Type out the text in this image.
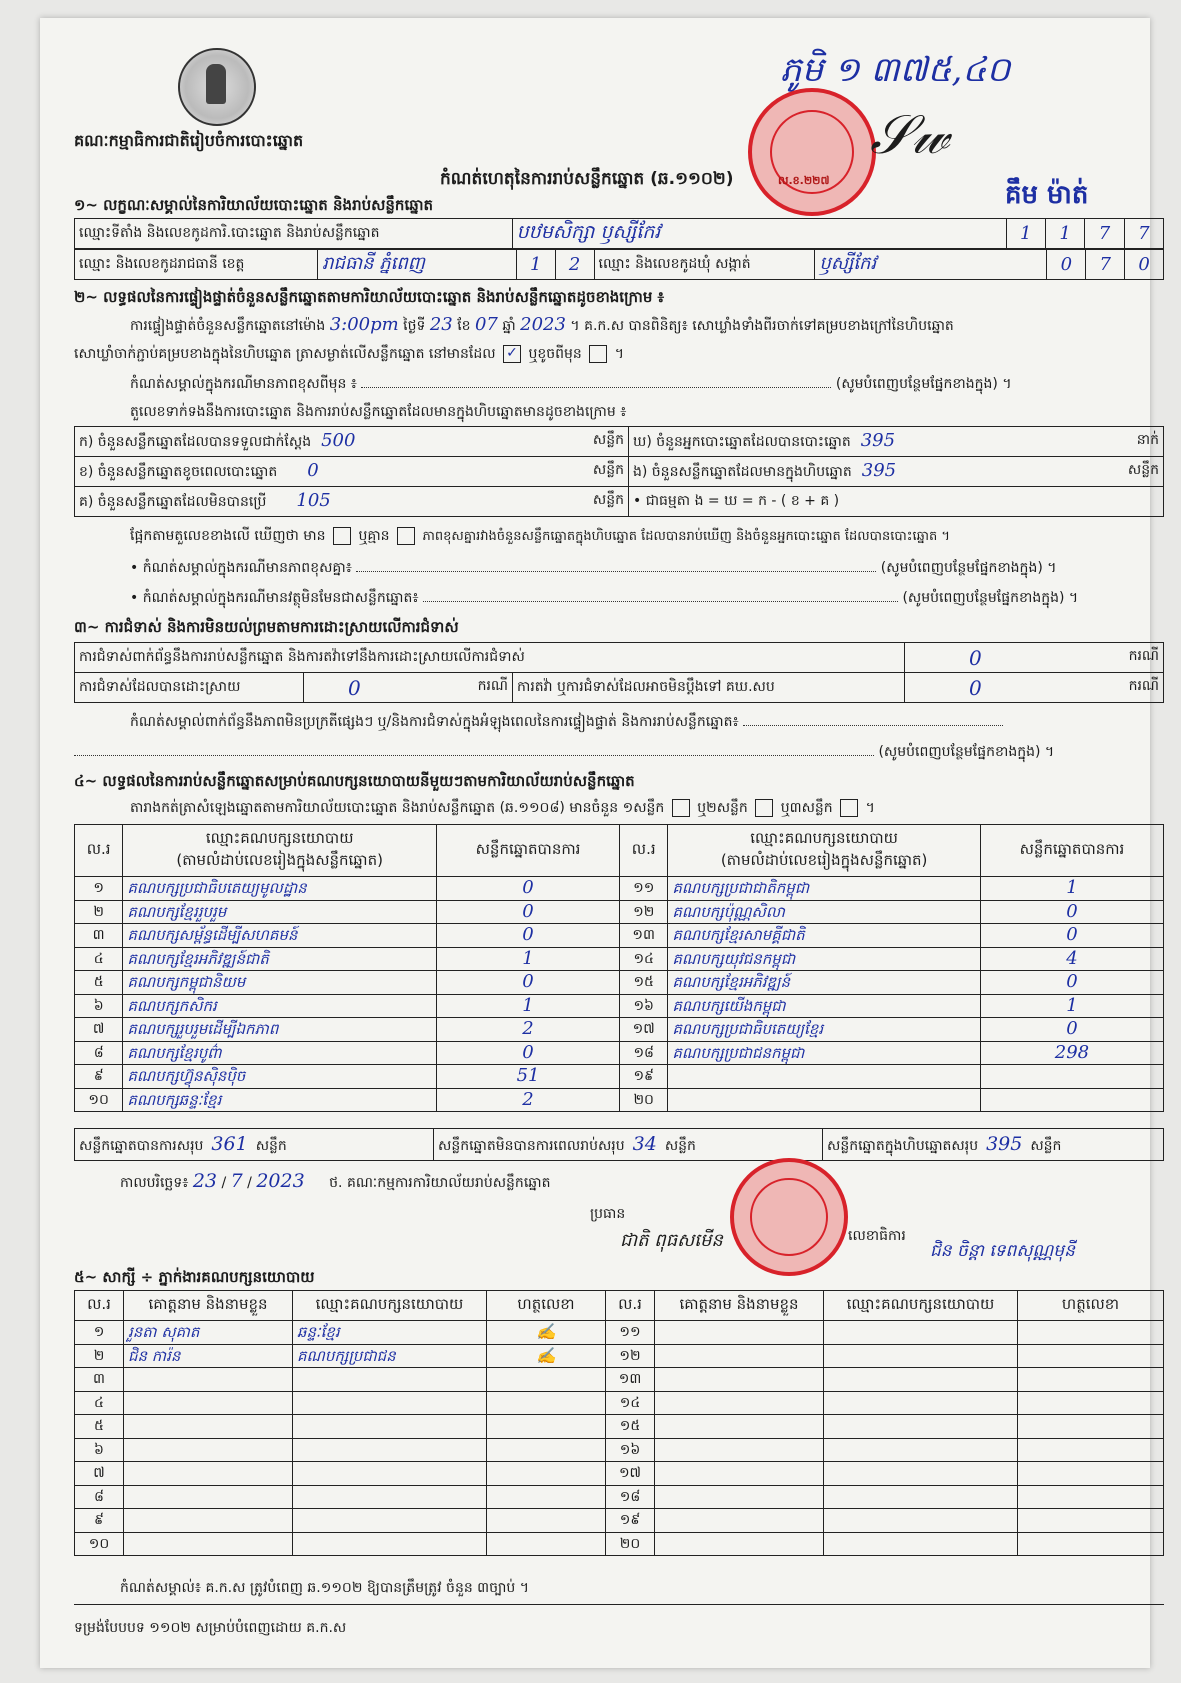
គណៈកម្មាធិការជាតិរៀបចំការបោះឆ្នោត
ភូមិ ១ ៣៧៥,៤០
ល.ខ.២២៧
𝒮𝓌
គឹម ម៉ាត់
កំណត់ហេតុនៃការរាប់សន្លឹកឆ្នោត (ឆ.១១០២)
១~ លក្ខណៈសម្គាល់នៃការិយាល័យបោះឆ្នោត និងរាប់សន្លឹកឆ្នោត
ឈ្មោះទីតាំង និងលេខកូដការិ.បោះឆ្នោត និងរាប់សន្លឹកឆ្នោត	បឋមសិក្សា ឫស្សីកែវ	1	1	7	7
ឈ្មោះ និងលេខកូដរាជធានី ខេត្ត	រាជធានី ភ្នំពេញ	1	2	ឈ្មោះ និងលេខកូដឃុំ សង្កាត់	ឫស្សីកែវ	0	7	0
២~ លទ្ធផលនៃការផ្ទៀងផ្ទាត់ចំនួនសន្លឹកឆ្នោតតាមការិយាល័យបោះឆ្នោត និងរាប់សន្លឹកឆ្នោតដូចខាងក្រោម ៖
ការផ្ទៀងផ្ទាត់ចំនួនសន្លឹកឆ្នោតនៅម៉ោង 3:00pm ថ្ងៃទី 23 ខែ 07 ឆ្នាំ 2023 ។ គ.ក.ស បានពិនិត្យ៖ សោឃ្លាំងទាំងពីរចាក់ទៅគម្របខាងក្រៅនៃហិបឆ្នោត
សោឃ្លាំចាក់ភ្ជាប់គម្របខាងក្នុងនៃហិបឆ្នោត ត្រាសម្ងាត់លើសន្លឹកឆ្នោត នៅមានដែល ✓ ឬខូចពីមុន  ។
កំណត់សម្គាល់ក្នុងករណីមានភាពខុសពីមុន ៖	(សូមបំពេញបន្ថែមផ្នែកខាងក្នុង) ។
តួលេខទាក់ទងនឹងការបោះឆ្នោត និងការរាប់សន្លឹកឆ្នោតដែលមានក្នុងហិបឆ្នោតមានដូចខាងក្រោម ៖
ក) ចំនួនសន្លឹកឆ្នោតដែលបានទទួលជាក់ស្តែង 500 សន្លឹក	ឃ) ចំនួនអ្នកបោះឆ្នោតដែលបានបោះឆ្នោត 395 នាក់

ខ) ចំនួនសន្លឹកឆ្នោតខូចពេលបោះឆ្នោត 0 សន្លឹក	ង) ចំនួនសន្លឹកឆ្នោតដែលមានក្នុងហិបឆ្នោត 395 សន្លឹក

គ) ចំនួនសន្លឹកឆ្នោតដែលមិនបានប្រើ 105 សន្លឹក	• ជាធម្មតា ង = ឃ = ក - ( ខ + គ )
ផ្អែកតាមតួលេខខាងលើ ឃើញថា មាន ឬគ្មាន	ភាពខុសគ្នារវាងចំនួនសន្លឹកឆ្នោតក្នុងហិបឆ្នោត ដែលបានរាប់ឃើញ និងចំនួនអ្នកបោះឆ្នោត ដែលបានបោះឆ្នោត ។
• កំណត់សម្គាល់ក្នុងករណីមានភាពខុសគ្នា៖	(សូមបំពេញបន្ថែមផ្នែកខាងក្នុង) ។
• កំណត់សម្គាល់ក្នុងករណីមានវត្ថុមិនមែនជាសន្លឹកឆ្នោត៖	(សូមបំពេញបន្ថែមផ្នែកខាងក្នុង) ។
៣~ ការជំទាស់ និងការមិនយល់ព្រមតាមការដោះស្រាយលើការជំទាស់
ការជំទាស់ពាក់ព័ន្ធនឹងការរាប់សន្លឹកឆ្នោត និងការតវ៉ាទៅនឹងការដោះស្រាយលើការជំទាស់			0 ករណី

ការជំទាស់ដែលបានដោះស្រាយ	0 ករណី	ការតវ៉ា ឬការជំទាស់ដែលអាចមិនប្តឹងទៅ គឃ.សប	0 ករណី
កំណត់សម្គាល់ពាក់ព័ន្ធនឹងភាពមិនប្រក្រតីផ្សេងៗ ឬ/និងការជំទាស់ក្នុងអំឡុងពេលនៃការផ្ទៀងផ្ទាត់ និងការរាប់សន្លឹកឆ្នោត៖
(សូមបំពេញបន្ថែមផ្នែកខាងក្នុង) ។
៤~ លទ្ធផលនៃការរាប់សន្លឹកឆ្នោតសម្រាប់គណបក្សនយោបាយនីមួយៗតាមការិយាល័យរាប់សន្លឹកឆ្នោត
តារាងកត់ត្រាសំឡេងឆ្នោតតាមការិយាល័យបោះឆ្នោត និងរាប់សន្លឹកឆ្នោត (ឆ.១១០៨) មានចំនួន ១សន្លឹក ឬ២សន្លឹក ឬ៣សន្លឹក  ។
ល.រ	ឈ្មោះគណបក្សនយោបាយ
(តាមលំដាប់លេខរៀងក្នុងសន្លឹកឆ្នោត)	សន្លឹកឆ្នោតបានការ	ល.រ	ឈ្មោះគណបក្សនយោបាយ
(តាមលំដាប់លេខរៀងក្នុងសន្លឹកឆ្នោត)	សន្លឹកឆ្នោតបានការ
១	គណបក្សប្រជាធិបតេយ្យមូលដ្ឋាន	0	១១	គណបក្សប្រជាជាតិកម្ពុជា	1
២	គណបក្សខ្មែររួបរួម	0	១២	គណបក្សប៉ុណ្ណសិលា	0
៣	គណបក្សសម្ព័ន្ធដើម្បីសហគមន៍	0	១៣	គណបក្សខ្មែរសាមគ្គីជាតិ	0
៤	គណបក្សខ្មែរអភិវឌ្ឍន៍ជាតិ	1	១៤	គណបក្សយុវជនកម្ពុជា	4
៥	គណបក្សកម្ពុជានិយម	0	១៥	គណបក្សខ្មែរអភិវឌ្ឍន៍	0
៦	គណបក្សកសិករ	1	១៦	គណបក្សយើងកម្ពុជា	1
៧	គណបក្សរួបរួមដើម្បីឯកភាព	2	១៧	គណបក្សប្រជាធិបតេយ្យខ្មែរ	0
៨	គណបក្សខ្មែរបូព៌ា	0	១៨	គណបក្សប្រជាជនកម្ពុជា	298
៩	គណបក្សហ៊្វុនស៊ិនប៉ិច	51	១៩		
១០	គណបក្សឆន្ទៈខ្មែរ	2	២០		
សន្លឹកឆ្នោតបានការសរុប 361 សន្លឹក	សន្លឹកឆ្នោតមិនបានការពេលរាប់សរុប 34 សន្លឹក	សន្លឹកឆ្នោតក្នុងហិបឆ្នោតសរុប 395 សន្លឹក
កាលបរិច្ឆេទ៖ 23 / 7 / 2023 ថ. គណៈកម្មការការិយាល័យរាប់សន្លឹកឆ្នោត
ប្រធាន
ជាតិ ពុធសមើន	លេខាធិការ
ជិន ចិន្តា ទេពសុណ្ណមុនី
៥~ សាក្សី ÷ ភ្នាក់ងារគណបក្សនយោបាយ
ល.រ	គោត្តនាម និងនាមខ្លួន	ឈ្មោះគណបក្សនយោបាយ	ហត្ថលេខា	ល.រ	គោត្តនាម និងនាមខ្លួន	ឈ្មោះគណបក្សនយោបាយ	ហត្ថលេខា
១	រួនតា សុគាត	ឆន្ទៈខ្មែរ	✍	១១			
២	ជិន ការ៉ន	គណបក្សប្រជាជន	✍	១២			
៣				១៣			
៤				១៤			
៥				១៥			
៦				១៦			
៧				១៧			
៨				១៨			
៩				១៩			
១០				២០			
កំណត់សម្គាល់៖ គ.ក.ស ត្រូវបំពេញ ឆ.១១០២ ឱ្យបានត្រឹមត្រូវ ចំនួន ៣ច្បាប់ ។
ទម្រង់បែបបទ ១១០២ សម្រាប់បំពេញដោយ គ.ក.ស
